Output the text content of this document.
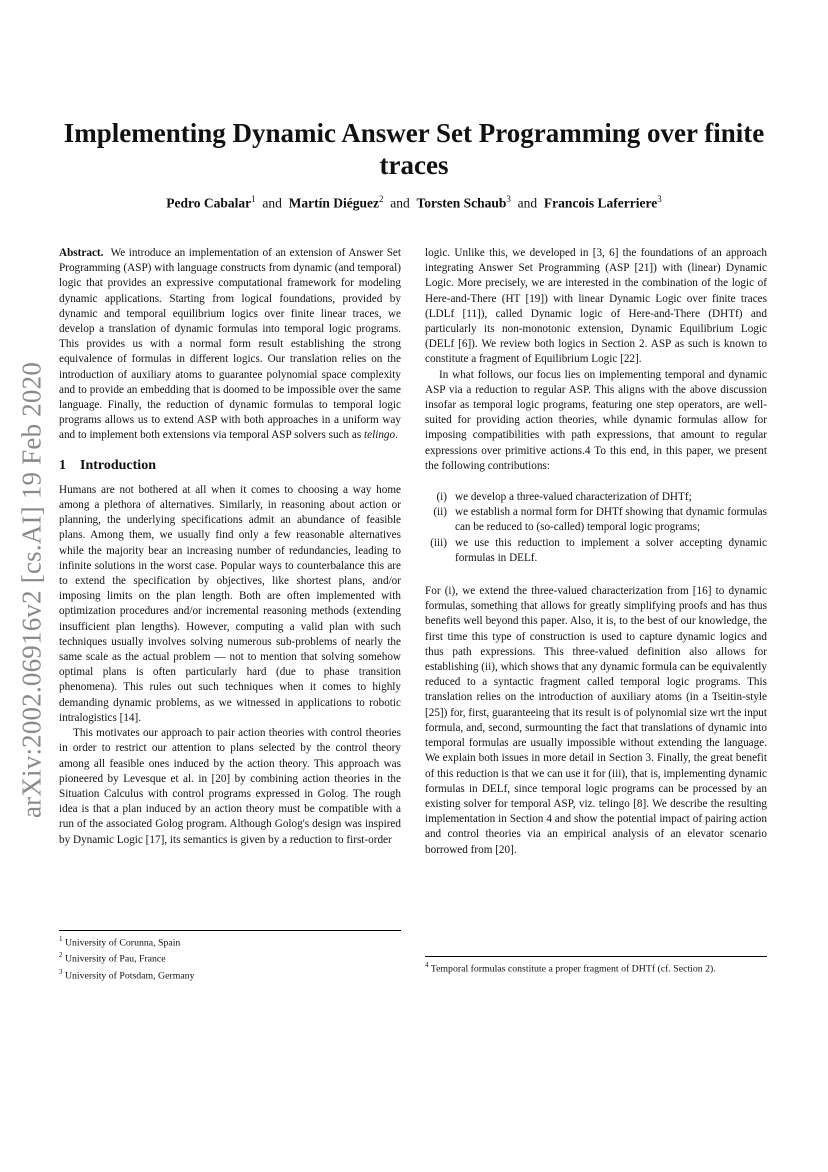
arXiv:2002.06916v2 [cs.AI] 19 Feb 2020
Implementing Dynamic Answer Set Programming over finite traces
Pedro Cabalar$^1$ and Martín Diéguez$^2$ and Torsten Schaub$^3$ and Francois Laferriere$^3$

Abstract. We introduce an implementation of an extension of Answer Set Programming (ASP) with language constructs from dynamic (and temporal) logic that provides an expressive computational framework for modeling dynamic applications. Starting from logical foundations, provided by dynamic and temporal equilibrium logics over finite linear traces, we develop a translation of dynamic formulas into temporal logic programs. This provides us with a normal form result establishing the strong equivalence of formulas in different logics. Our translation relies on the introduction of auxiliary atoms to guarantee polynomial space complexity and to provide an embedding that is doomed to be impossible over the same language. Finally, the reduction of dynamic formulas to temporal logic programs allows us to extend ASP with both approaches in a uniform way and to implement both extensions via temporal ASP solvers such as telingo.

1 Introduction

Humans are not bothered at all when it comes to choosing a way home among a plethora of alternatives. Similarly, in reasoning about action or planning, the underlying specifications admit an abundance of feasible plans. Among them, we usually find only a few reasonable alternatives while the majority bear an increasing number of redundancies, leading to infinite solutions in the worst case. Popular ways to counterbalance this are to extend the specification by objectives, like shortest plans, and/or imposing limits on the plan length. Both are often implemented with optimization procedures and/or incremental reasoning methods (extending insufficient plan lengths). However, computing a valid plan with such techniques usually involves solving numerous sub-problems of nearly the same scale as the actual problem — not to mention that solving somehow optimal plans is often particularly hard (due to phase transition phenomena). This rules out such techniques when it comes to highly demanding dynamic problems, as we witnessed in applications to robotic intralogistics [14].

This motivates our approach to pair action theories with control theories in order to restrict our attention to plans selected by the control theory among all feasible ones induced by the action theory. This approach was pioneered by Levesque et al. in [20] by combining action theories in the Situation Calculus with control programs expressed in Golog. The rough idea is that a plan induced by an action theory must be compatible with a run of the associated Golog program. Although Golog's design was inspired by Dynamic Logic [17], its semantics is given by a reduction to first-order

logic. Unlike this, we developed in [3, 6] the foundations of an approach integrating Answer Set Programming (ASP [21]) with (linear) Dynamic Logic. More precisely, we are interested in the combination of the logic of Here-and-There (HT [19]) with linear Dynamic Logic over finite traces (LDLf [11]), called Dynamic logic of Here-and-There (DHTf) and particularly its non-monotonic extension, Dynamic Equilibrium Logic (DELf [6]). We review both logics in Section 2. ASP as such is known to constitute a fragment of Equilibrium Logic [22].

In what follows, our focus lies on implementing temporal and dynamic ASP via a reduction to regular ASP. This aligns with the above discussion insofar as temporal logic programs, featuring one step operators, are well-suited for providing action theories, while dynamic formulas allow for imposing compatibilities with path expressions, that amount to regular expressions over primitive actions.4 To this end, in this paper, we present the following contributions:

(i) we develop a three-valued characterization of DHTf;
(ii) we establish a normal form for DHTf showing that dynamic formulas can be reduced to (so-called) temporal logic programs;
(iii) we use this reduction to implement a solver accepting dynamic formulas in DELf.

For (i), we extend the three-valued characterization from [16] to dynamic formulas, something that allows for greatly simplifying proofs and has thus benefits well beyond this paper. Also, it is, to the best of our knowledge, the first time this type of construction is used to capture dynamic logics and thus path expressions. This three-valued definition also allows for establishing (ii), which shows that any dynamic formula can be equivalently reduced to a syntactic fragment called temporal logic programs. This translation relies on the introduction of auxiliary atoms (in a Tseitin-style [25]) for, first, guaranteeing that its result is of polynomial size wrt the input formula, and, second, surmounting the fact that translations of dynamic into temporal formulas are usually impossible without extending the language. We explain both issues in more detail in Section 3. Finally, the great benefit of this reduction is that we can use it for (iii), that is, implementing dynamic formulas in DELf, since temporal logic programs can be processed by an existing solver for temporal ASP, viz. telingo [8]. We describe the resulting implementation in Section 4 and show the potential impact of pairing action and control theories via an empirical analysis of an elevator scenario borrowed from [20].

$^1$ University of Corunna, Spain
$^2$ University of Pau, France
$^3$ University of Potsdam, Germany
$^4$ Temporal formulas constitute a proper fragment of DHTf (cf. Section 2).
